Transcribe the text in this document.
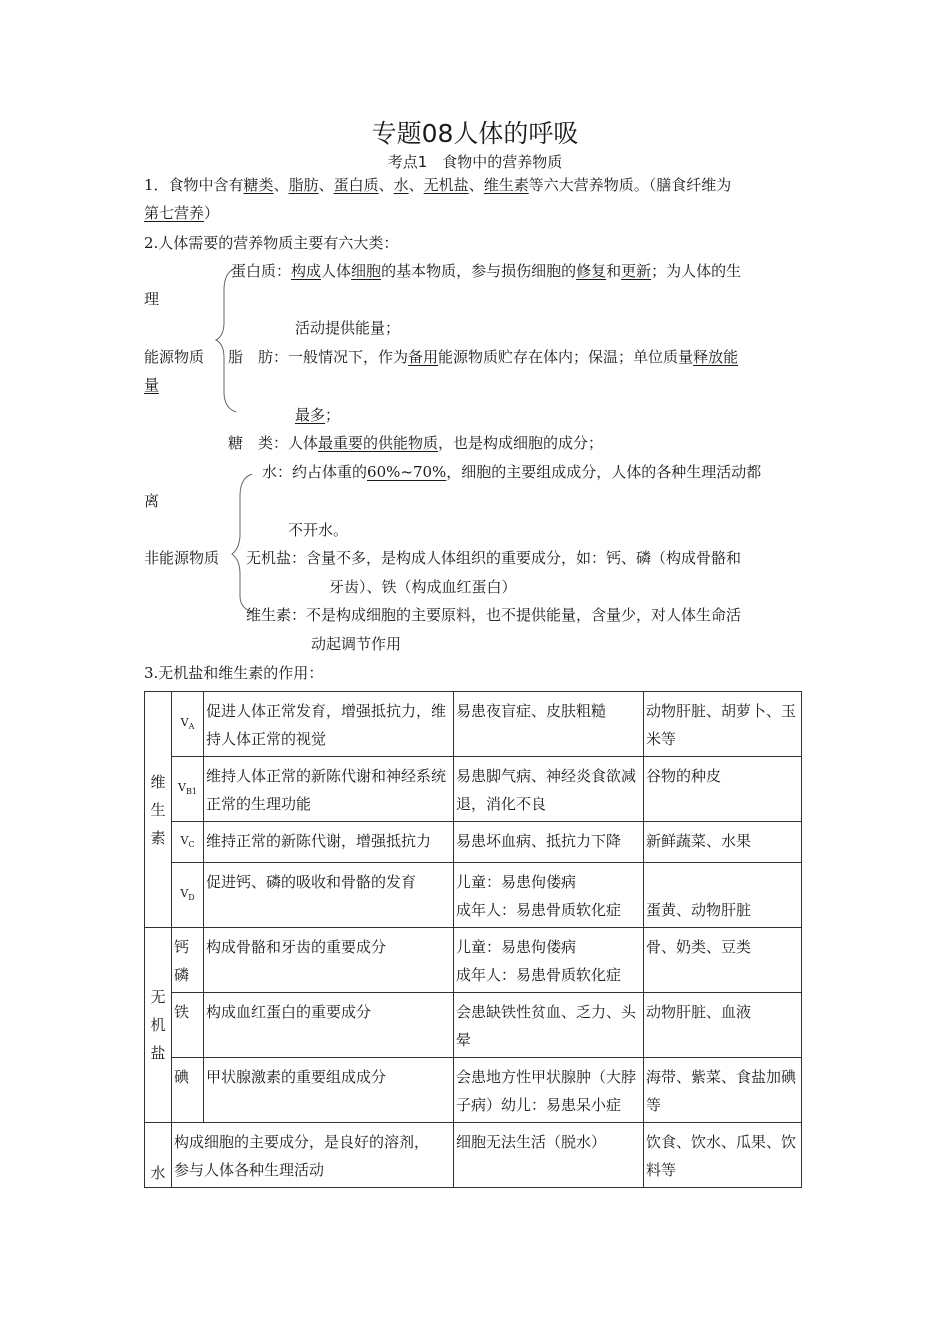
专题08人体的呼吸
考点1　食物中的营养物质
1．食物中含有糖类、脂肪、蛋白质、水、无机盐、维生素等六大营养物质。（膳食纤维为
第七营养）
2.人体需要的营养物质主要有六大类：
蛋白质：构成人体细胞的基本物质，参与损伤细胞的修复和更新；为人体的生
理
活动提供能量；
能源物质 脂　肪：一般情况下，作为备用能源物质贮存在体内；保温；单位质量释放能
量
最多；
糖　类：人体最重要的供能物质，也是构成细胞的成分；
水：约占体重的60%~70%，细胞的主要组成成分，人体的各种生理活动都
离
不开水。
非能源物质 无机盐：含量不多，是构成人体组织的重要成分，如：钙、磷（构成骨骼和
牙齿）、铁（构成血红蛋白）
维生素：不是构成细胞的主要原料，也不提供能量，含量少，对人体生命活
动起调节作用
3.无机盐和维生素的作用：
维
生
素	$V_A$	促进人体正常发育，增强抵抗力，维持人体正常的视觉	易患夜盲症、皮肤粗糙	动物肝脏、胡萝卜、玉米等
	$V_{B1}$	维持人体正常的新陈代谢和神经系统正常的生理功能	易患脚气病、神经炎食欲减退，消化不良	谷物的种皮
	$V_C$	维持正常的新陈代谢，增强抵抗力	易患坏血病、抵抗力下降	新鲜蔬菜、水果
	$V_D$	促进钙、磷的吸收和骨骼的发育	儿童：易患佝偻病
成年人：易患骨质软化症	蛋黄、动物肝脏

无
机
盐	钙
磷	构成骨骼和牙齿的重要成分	儿童：易患佝偻病
成年人：易患骨质软化症	骨、奶类、豆类
	铁	构成血红蛋白的重要成分	会患缺铁性贫血、乏力、头晕	动物肝脏、血液
	碘	甲状腺激素的重要组成成分	会患地方性甲状腺肿（大脖子病）幼儿：易患呆小症	海带、紫菜、食盐加碘等
水	构成细胞的主要成分，是良好的溶剂，　参与人体各种生理活动		细胞无法生活（脱水）	饮食、饮水、瓜果、饮料等
